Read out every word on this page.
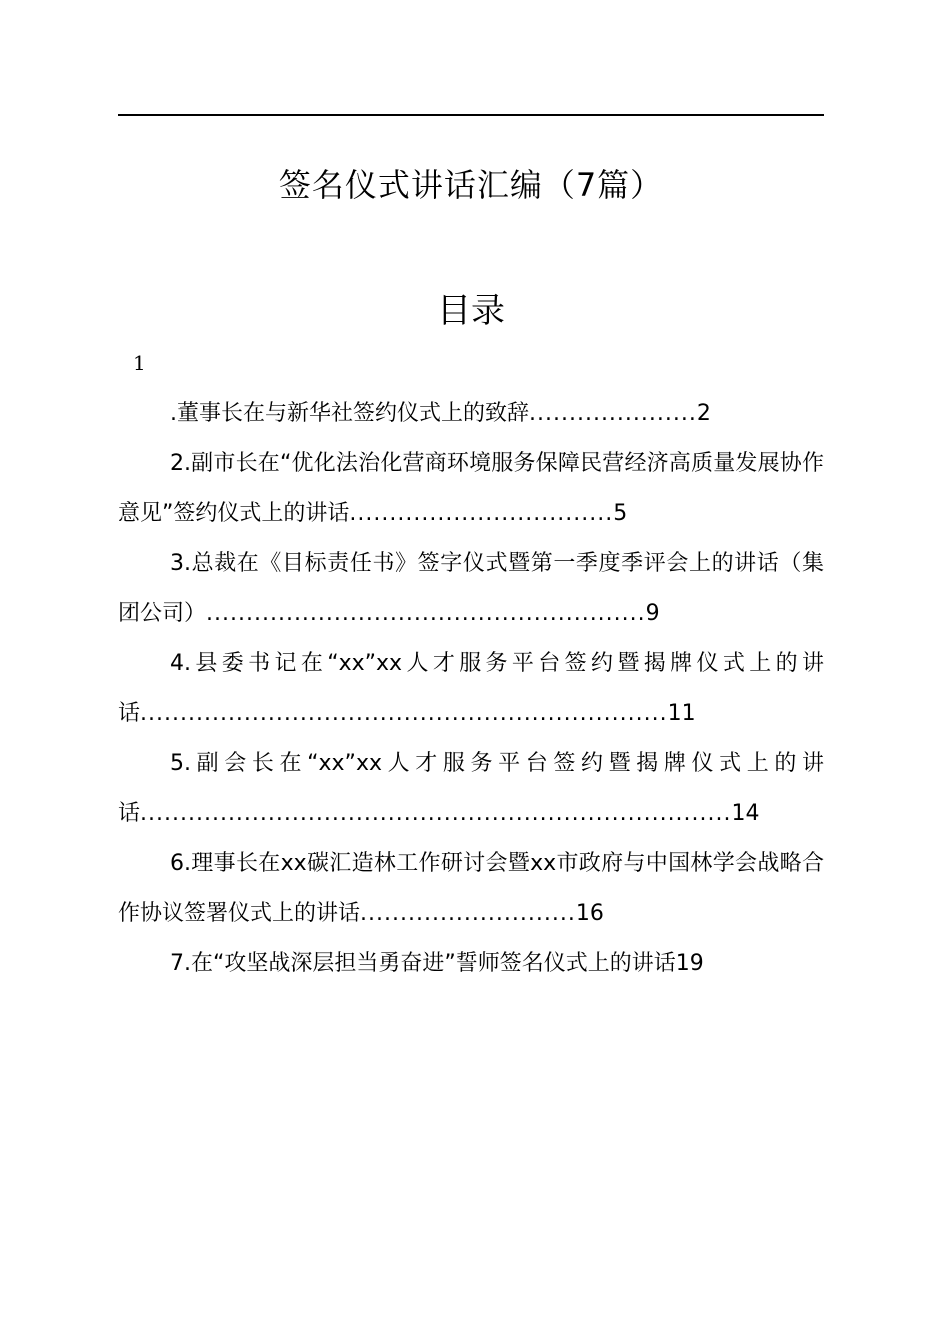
签名仪式讲话汇编（7篇）
目录
1
.董事长在与新华社签约仪式上的致辞.....................2
2.副市长在“优化法治化营商环境服务保障民营经济高质量发展协作意见”签约仪式上的讲话.................................5
3.总裁在《目标责任书》签字仪式暨第一季度季评会上的讲话（集团公司）.......................................................9
4.县委书记在“xx”xx人才服务平台签约暨揭牌仪式上的讲话..................................................................11
5.副会长在“xx”xx人才服务平台签约暨揭牌仪式上的讲话..........................................................................14
6.理事长在xx碳汇造林工作研讨会暨xx市政府与中国林学会战略合作协议签署仪式上的讲话...........................16
7.在“攻坚战深层担当勇奋进”誓师签名仪式上的讲话19
